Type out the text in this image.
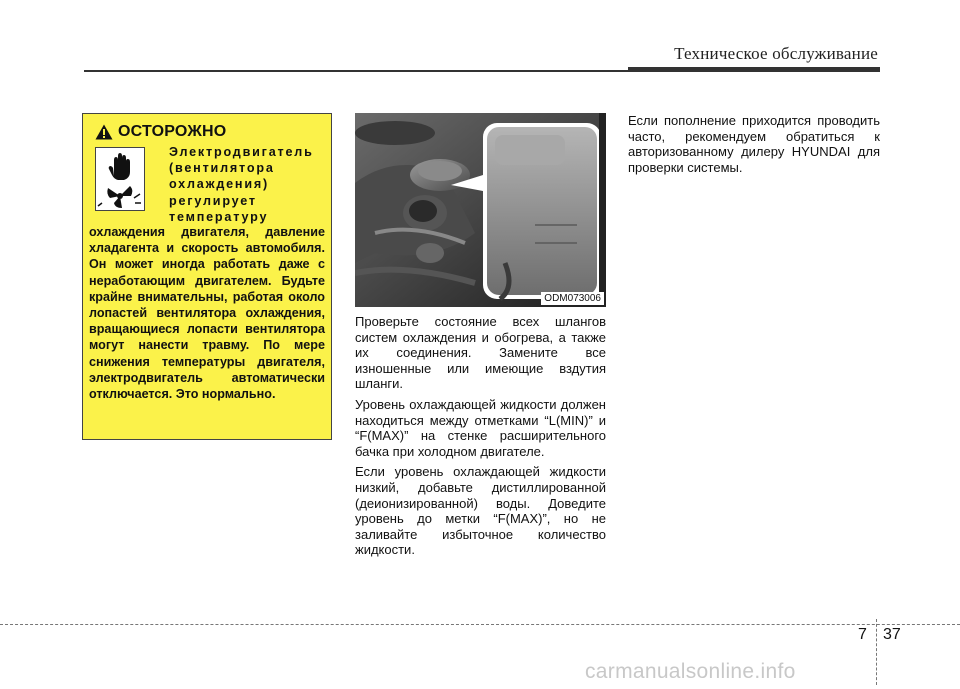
Техническое обслуживание
ОСТОРОЖНО
Электродвигатель
(вентилятора
охлаждения)
регулирует
температуру
охлаждения двигателя, давление хладагента и скорость автомобиля. Он может иногда работать даже с неработающим двигателем. Будьте крайне внимательны, работая около лопастей вентилятора охлаждения, вращающиеся лопасти вентилятора могут нанести травму. По мере снижения температуры двигателя, электродвигатель автоматически отключается. Это нормально.
ODM073006

Проверьте состояние всех шлангов систем охлаждения и обогрева, а также их соединения. Замените все изношенные или имеющие вздутия шланги.

Уровень охлаждающей жидкости должен находиться между отметками “L(MIN)” и “F(MAX)” на стенке расширительного бачка при холодном двигателе.

Если уровень охлаждающей жидкости низкий, добавьте дистиллированной (деионизированной) воды. Доведите уровень до метки “F(MAX)”, но не заливайте избыточное количество жидкости.

Если пополнение приходится проводить часто, рекомендуем обратиться к авторизованному дилеру HYUNDAI для проверки системы.

7 37
carmanualsonline.info
